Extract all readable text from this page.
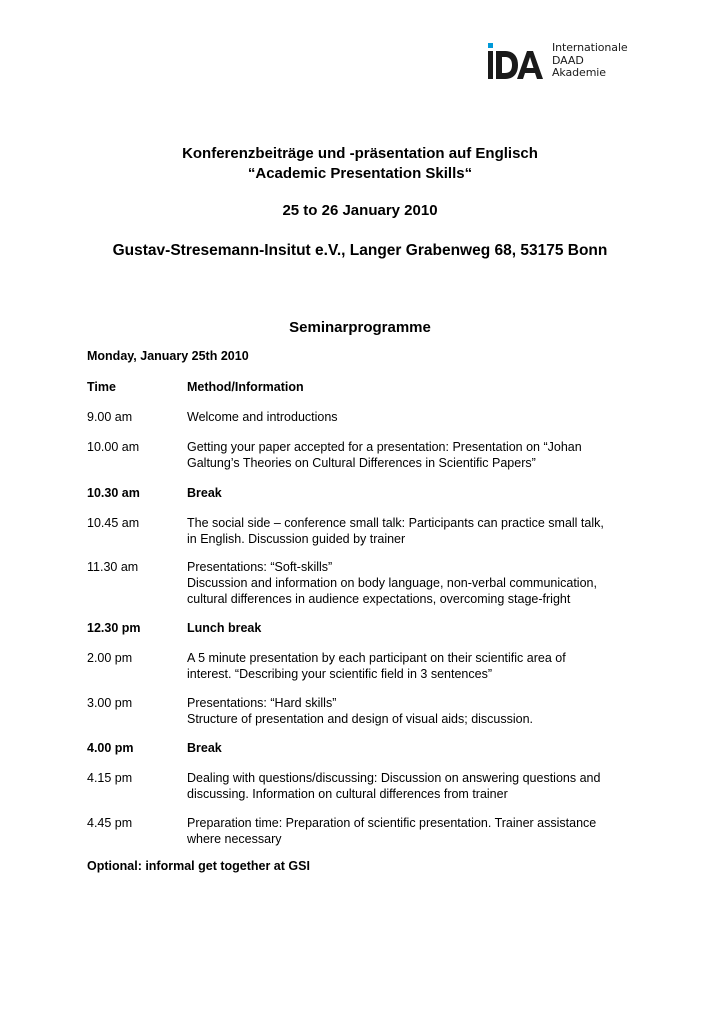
Internationale
DAAD
Akademie
Konferenzbeiträge und -präsentation auf Englisch
“Academic Presentation Skills“
25 to 26 January 2010
Gustav-Stresemann-Insitut e.V., Langer Grabenweg 68, 53175 Bonn
Seminarprogramme
Monday, January 25th 2010
Time	Method/Information
9.00 am	Welcome and introductions
10.00 am	Getting your paper accepted for a presentation: Presentation on “Johan
Galtung’s Theories on Cultural Differences in Scientific Papers”
10.30 am	Break
10.45 am	The social side – conference small talk: Participants can practice small talk,
in English. Discussion guided by trainer
11.30 am	Presentations: “Soft-skills”
Discussion and information on body language, non-verbal communication,
cultural differences in audience expectations, overcoming stage-fright
12.30 pm	Lunch break
2.00 pm	A 5 minute presentation by each participant on their scientific area of
interest. “Describing your scientific field in 3 sentences”
3.00 pm	Presentations: “Hard skills”
Structure of presentation and design of visual aids; discussion.
4.00 pm	Break
4.15 pm	Dealing with questions/discussing: Discussion on answering questions and
discussing. Information on cultural differences from trainer
4.45 pm	Preparation time: Preparation of scientific presentation. Trainer assistance
where necessary
Optional: informal get together at GSI
